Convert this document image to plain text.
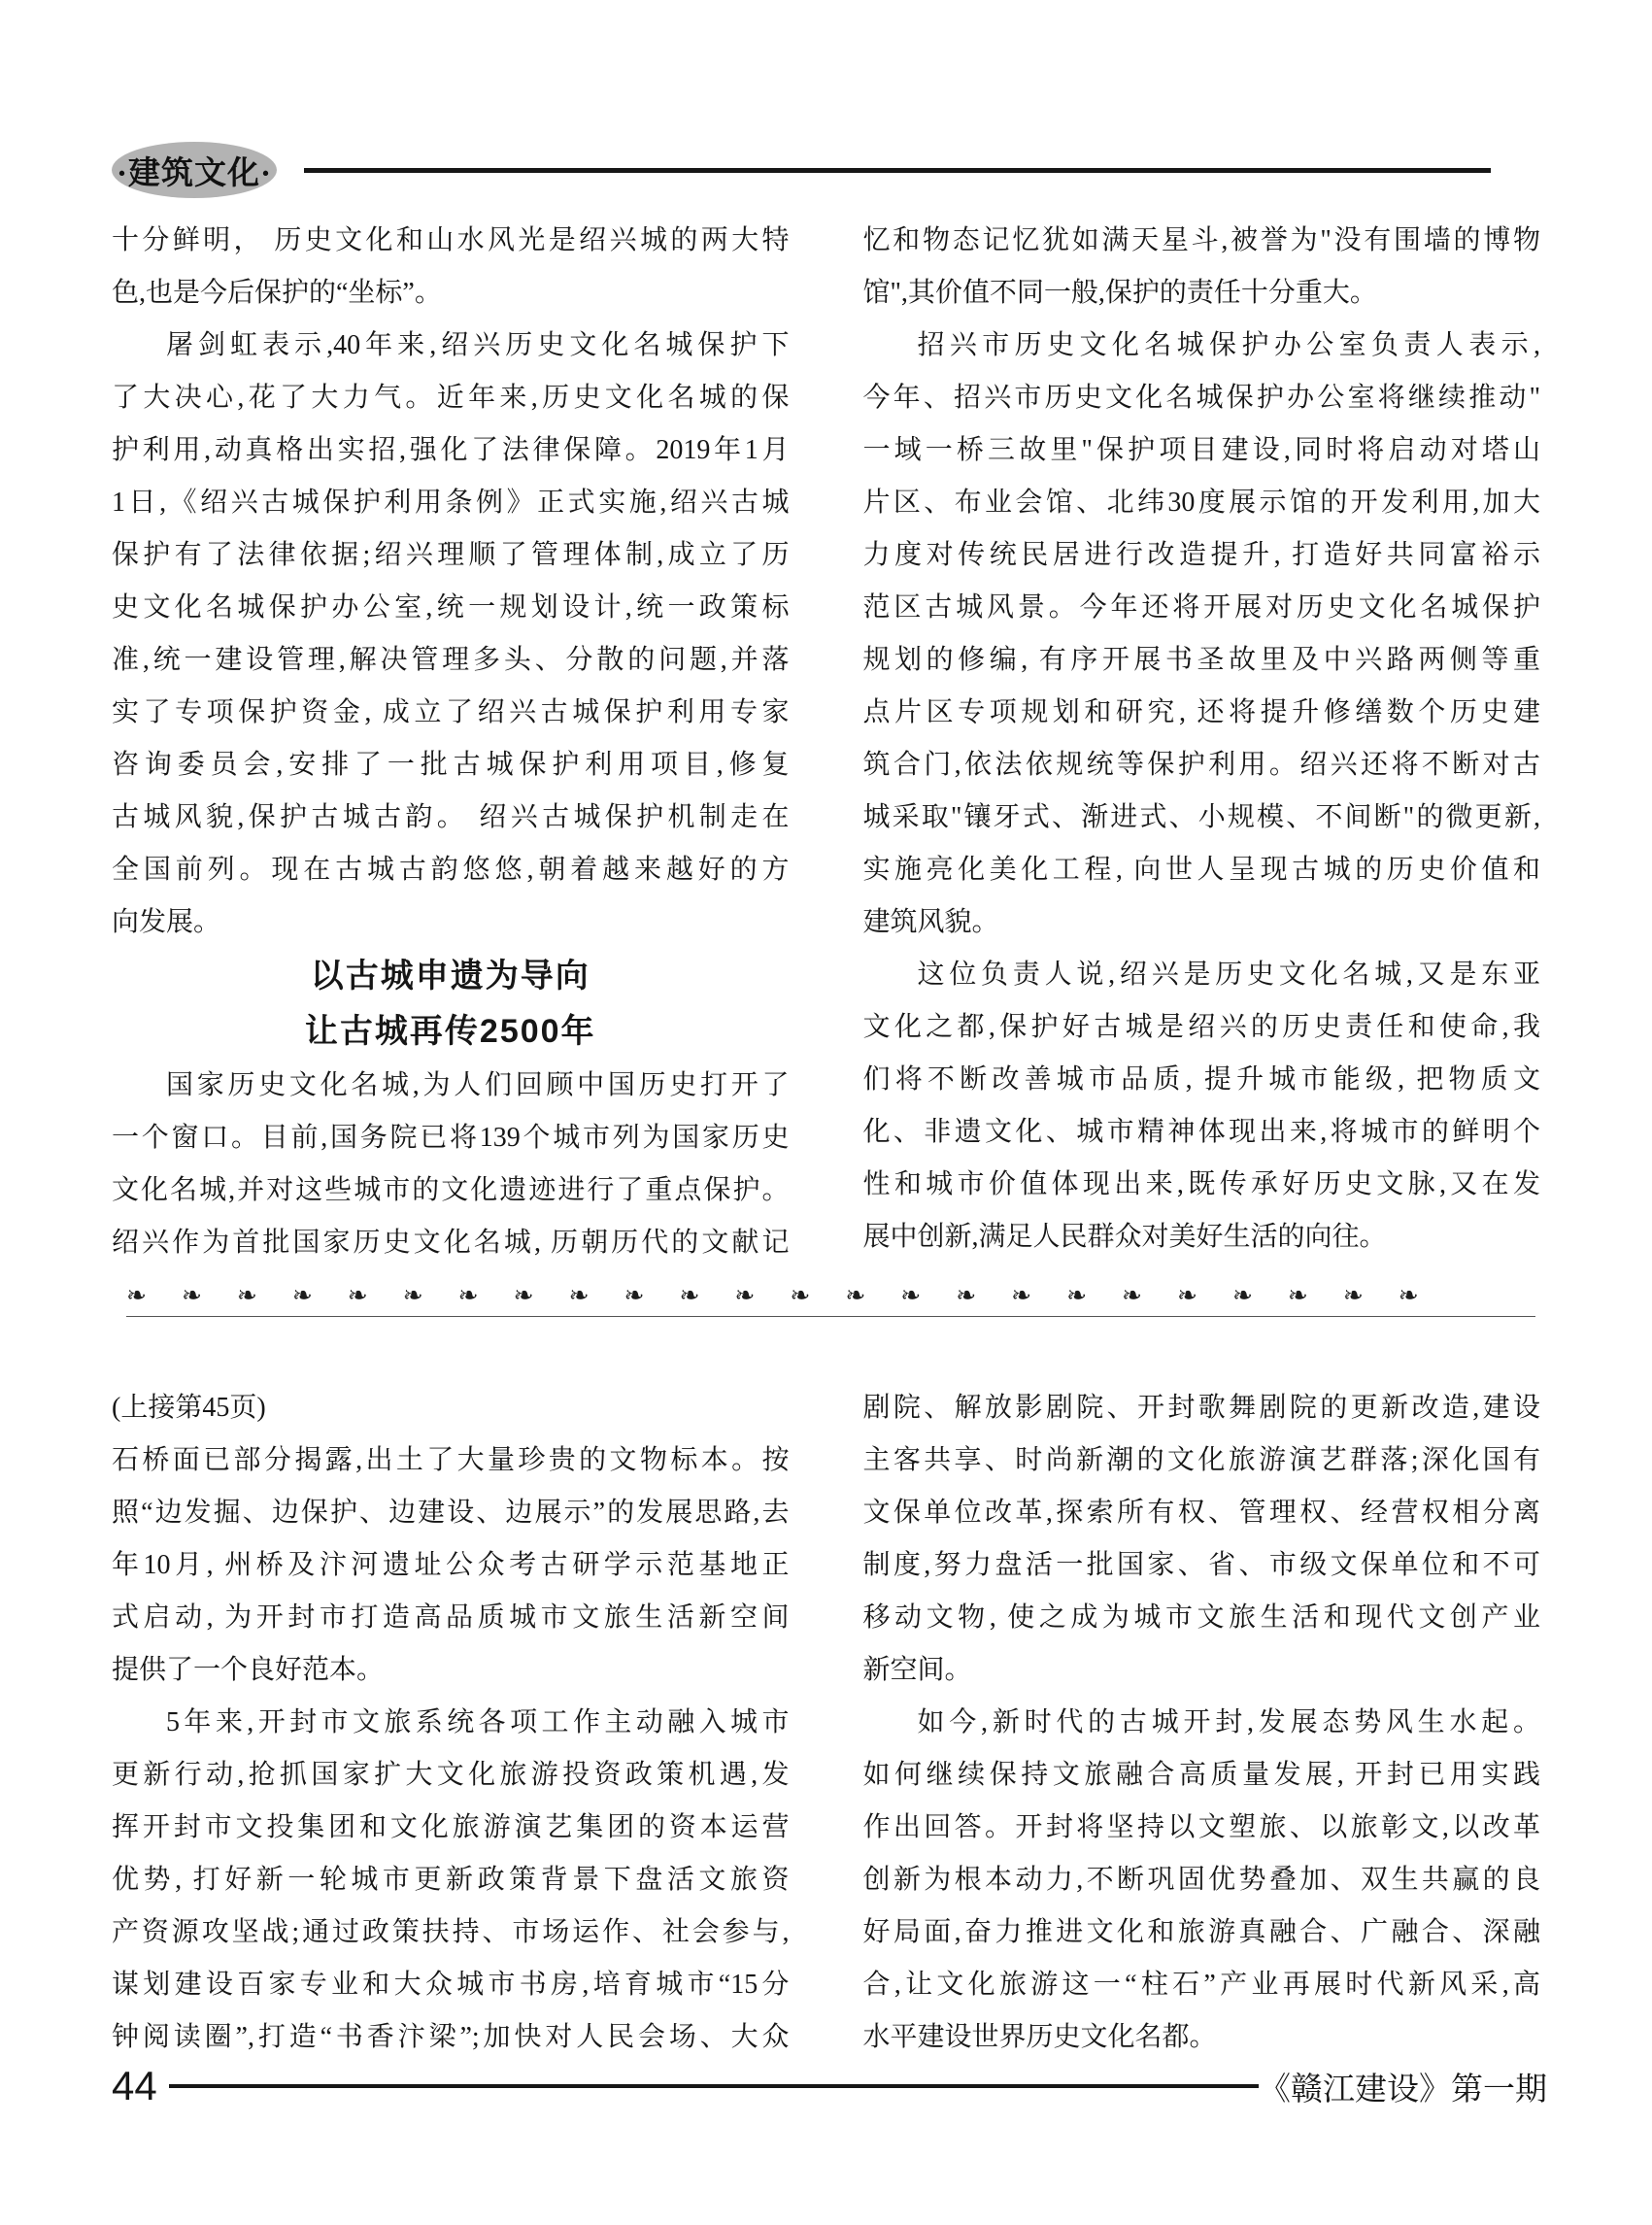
·建筑文化·
十分鲜明， 历史文化和山水风光是绍兴城的两大特
色,也是今后保护的“坐标”。
屠剑虹表示,40年来,绍兴历史文化名城保护下
了大决心,花了大力气。近年来,历史文化名城的保
护利用,动真格出实招,强化了法律保障。2019年1月
1日,《绍兴古城保护利用条例》正式实施,绍兴古城
保护有了法律依据;绍兴理顺了管理体制,成立了历
史文化名城保护办公室,统一规划设计,统一政策标
准,统一建设管理,解决管理多头、分散的问题,并落
实了专项保护资金, 成立了绍兴古城保护利用专家
咨询委员会,安排了一批古城保护利用项目,修复
古城风貌,保护古城古韵。 绍兴古城保护机制走在
全国前列。现在古城古韵悠悠,朝着越来越好的方
向发展。
以古城申遗为导向
让古城再传2500年
国家历史文化名城,为人们回顾中国历史打开了
一个窗口。目前,国务院已将139个城市列为国家历史
文化名城,并对这些城市的文化遗迹进行了重点保护。
绍兴作为首批国家历史文化名城, 历朝历代的文献记
忆和物态记忆犹如满天星斗,被誉为"没有围墙的博物
馆",其价值不同一般,保护的责任十分重大。
招兴市历史文化名城保护办公室负责人表示,
今年、招兴市历史文化名城保护办公室将继续推动"
一域一桥三故里"保护项目建设,同时将启动对塔山
片区、布业会馆、北纬30度展示馆的开发利用,加大
力度对传统民居进行改造提升, 打造好共同富裕示
范区古城风景。今年还将开展对历史文化名城保护
规划的修编, 有序开展书圣故里及中兴路两侧等重
点片区专项规划和研究, 还将提升修缮数个历史建
筑合门,依法依规统等保护利用。绍兴还将不断对古
城采取"镶牙式、渐进式、小规模、不间断"的微更新,
实施亮化美化工程, 向世人呈现古城的历史价值和
建筑风貌。
这位负责人说,绍兴是历史文化名城,又是东亚
文化之都,保护好古城是绍兴的历史责任和使命,我
们将不断改善城市品质, 提升城市能级, 把物质文
化、非遗文化、城市精神体现出来,将城市的鲜明个
性和城市价值体现出来,既传承好历史文脉,又在发
展中创新,满足人民群众对美好生活的向往。
❧❧❧❧❧❧❧❧❧❧❧❧❧❧❧❧❧❧❧❧❧❧❧❧
(上接第45页)
石桥面已部分揭露,出土了大量珍贵的文物标本。按
照“边发掘、边保护、边建设、边展示”的发展思路,去
年10月, 州桥及汴河遗址公众考古研学示范基地正
式启动, 为开封市打造高品质城市文旅生活新空间
提供了一个良好范本。
5年来,开封市文旅系统各项工作主动融入城市
更新行动,抢抓国家扩大文化旅游投资政策机遇,发
挥开封市文投集团和文化旅游演艺集团的资本运营
优势, 打好新一轮城市更新政策背景下盘活文旅资
产资源攻坚战;通过政策扶持、市场运作、社会参与,
谋划建设百家专业和大众城市书房,培育城市“15分
钟阅读圈”,打造“书香汴梁”;加快对人民会场、大众
剧院、解放影剧院、开封歌舞剧院的更新改造,建设
主客共享、时尚新潮的文化旅游演艺群落;深化国有
文保单位改革,探索所有权、管理权、经营权相分离
制度,努力盘活一批国家、省、市级文保单位和不可
移动文物, 使之成为城市文旅生活和现代文创产业
新空间。
如今,新时代的古城开封,发展态势风生水起。
如何继续保持文旅融合高质量发展, 开封已用实践
作出回答。开封将坚持以文塑旅、以旅彰文,以改革
创新为根本动力,不断巩固优势叠加、双生共赢的良
好局面,奋力推进文化和旅游真融合、广融合、深融
合,让文化旅游这一“柱石”产业再展时代新风采,高
水平建设世界历史文化名都。
44	《赣江建设》第一期
